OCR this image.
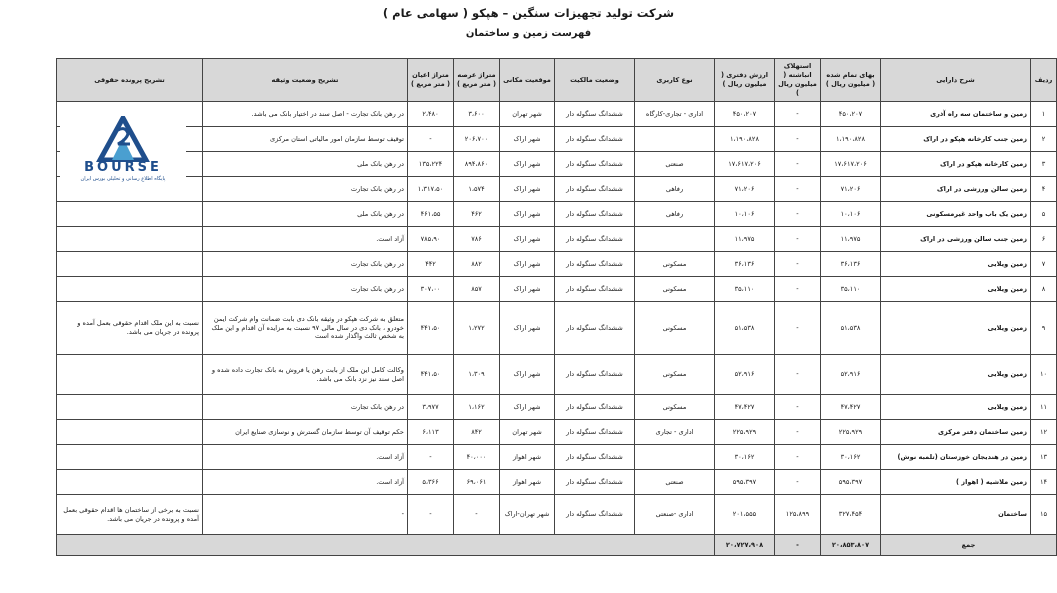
شرکت تولید تجهیزات سنگین – هپکو ( سهامی عام )
فهرست زمین و ساختمان
ردیف	شرح دارایی	بهای تمام شده ( میلیون ریال )	استهلاک انباشته ( میلیون ریال )	ارزش دفتری ( میلیون ریال )	نوع کاربری	وضعیت مالکیت	موقعیت مکانی	متراژ عرصه ( متر مربع )	متراژ اعیان ( متر مربع )	تشریح وضعیت وثیقه	تشریح پرونده حقوقی
۱	زمین و ساختمان سه راه آذری	۴۵۰،۲۰۷	-	۴۵۰،۲۰۷	اداری - تجاری-کارگاه	ششدانگ سنگوله دار	شهر تهران	۳،۶۰۰	۲،۴۸۰	در رهن بانک تجارت - اصل سند در اختیار بانک می باشد.	
۲	زمین جنب کارخانه هپکو در اراک	۱،۱۹۰،۸۲۸	-	۱،۱۹۰،۸۲۸		ششدانگ سنگوله دار	شهر اراک	۲۰۶،۷۰۰	-	توقیف توسط سازمان امور مالیاتی استان مرکزی	
۳	زمین کارخانه هپکو در اراک	۱۷،۶۱۷،۲۰۶	-	۱۷،۶۱۷،۲۰۶	صنعتی	ششدانگ سنگوله دار	شهر اراک	۸۹۴،۸۶۰	۱۳۵،۲۲۴	در رهن بانک ملی	
۴	زمین سالن ورزشی در اراک	۷۱،۲۰۶	-	۷۱،۲۰۶	رفاهی	ششدانگ سنگوله دار	شهر اراک	۱،۵۷۴	۱،۳۱۷،۵۰	در رهن بانک تجارت	
۵	زمین یک باب واحد غیرمسکونی	۱۰،۱۰۶	-	۱۰،۱۰۶	رفاهی	ششدانگ سنگوله دار	شهر اراک	۴۶۲	۴۶۱،۵۵	در رهن بانک ملی	
۶	زمین جنب سالن ورزشی در اراک	۱۱،۹۷۵	-	۱۱،۹۷۵		ششدانگ سنگوله دار	شهر اراک	۷۸۶	۷۸۵،۹۰	آزاد است.	
۷	زمین ویلایی	۳۶،۱۳۶	-	۳۶،۱۳۶	مسکونی	ششدانگ سنگوله دار	شهر اراک	۸۸۲	۴۴۲	در رهن بانک تجارت	
۸	زمین ویلایی	۳۵،۱۱۰	-	۳۵،۱۱۰	مسکونی	ششدانگ سنگوله دار	شهر اراک	۸۵۷	۳۰۷،۰۰	در رهن بانک تجارت	
۹	زمین ویلایی	۵۱،۵۳۸	-	۵۱،۵۳۸	مسکونی	ششدانگ سنگوله دار	شهر اراک	۱،۲۷۲	۴۴۱،۵۰	متعلق به شرکت هپکو در وثیقه بانک دی بابت ضمانت وام شرکت ایمن خودرو ، بانک دی در سال مالی ۹۷ نسبت به مزایده آن اقدام و این ملک به شخص ثالث واگذار شده است	نسبت به این ملک اقدام حقوقی بعمل آمده و پرونده در جریان می باشد.
۱۰	زمین ویلایی	۵۲،۹۱۶	-	۵۲،۹۱۶	مسکونی	ششدانگ سنگوله دار	شهر اراک	۱،۳۰۹	۴۴۱،۵۰	وکالت کامل این ملک از بابت رهن یا فروش به بانک تجارت داده شده و اصل سند نیز نزد بانک می باشد.	
۱۱	زمین ویلایی	۴۷،۴۲۷	-	۴۷،۴۲۷	مسکونی	ششدانگ سنگوله دار	شهر اراک	۱،۱۶۲	۳،۹۷۷	در رهن بانک تجارت	
۱۲	زمین ساختمان دفتر مرکزی	۲۲۵،۹۲۹	-	۲۲۵،۹۲۹	اداری - تجاری	ششدانگ سنگوله دار	شهر تهران	۸۴۲	۶،۱۱۳	حکم توقیف آن توسط سازمان گسترش و نوسازی صنایع ایران	
۱۳	زمین در هندیجان خوزستان (تلمبه نوش)	۳۰،۱۶۲	-	۳۰،۱۶۲		ششدانگ سنگوله دار	شهر اهواز	۴۰،۰۰۰	-	آزاد است.	
۱۴	زمین ملاشیه ( اهواز )	۵۹۵،۳۹۷	-	۵۹۵،۳۹۷	صنعتی	ششدانگ سنگوله دار	شهر اهواز	۶۹،۰۶۱	۵،۳۶۶	آزاد است.	
۱۵	ساختمان	۳۲۷،۴۵۴	۱۲۵،۸۹۹	۲۰۱،۵۵۵	اداری -صنعتی	ششدانگ سنگوله دار	شهر تهران-اراک	-	-	-	نسبت به برخی از ساختمان ها اقدام حقوقی بعمل آمده و پرونده در جریان می باشد.
جمع		۲۰،۸۵۳،۸۰۷	-	۲۰،۷۲۷،۹۰۸							
BOURSE
پایگاه اطلاع رسانی و تحلیلی بورس ایران
